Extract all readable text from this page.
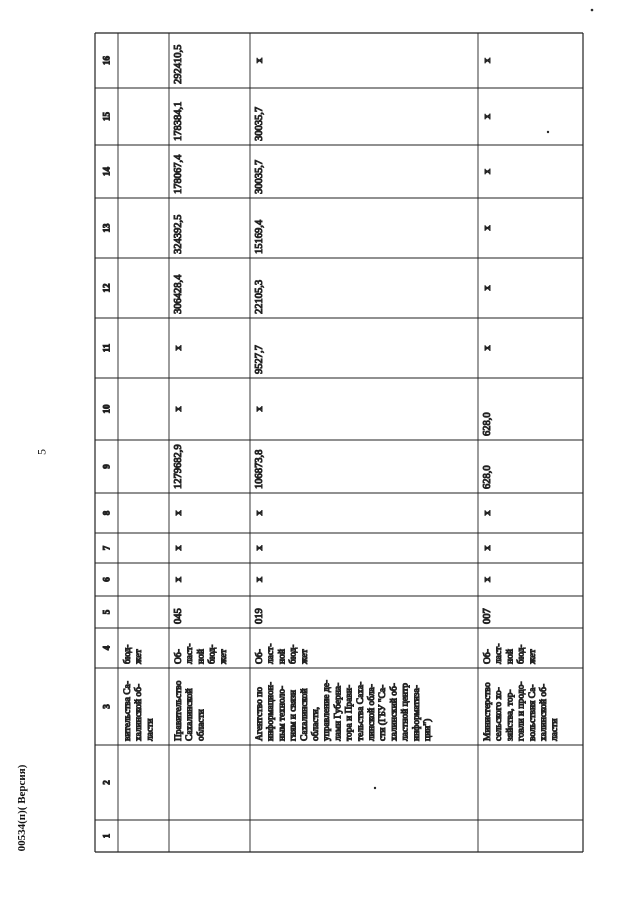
5
00534(п)( Версия)	1
2
3
4
5
6
7
8
9
10
11
12
13
14
15
16
вительства Са- халинской об- ласти
бюд- жет
Правительство Сахалинской области
Об- ласт- ной бюд- жет
045
x
x
x
1279682,9
x
x
306428,4
324392,5
178067,4
178384,1
292410,5
Агентство по информацион- ным техноло- гиям и связи Сахалинской области, управление де- лами Губерна- тора и Прави- тельства Саха- линской обла- сти (ГБУ "Са- халинский об- ластной центр информатиза- ции")
Об- ласт- ной бюд- жет
019
x
x
x
106873,8
x
9527,7
22105,3
15169,4
30035,7
30035,7
x
Министерство сельского хо- зяйства, тор- говли и продо- вольствия Са- халинской об- ласти
Об- ласт- ной бюд- жет
007
x
x
x
628,0
628,0
x
x
x
x
x
x
